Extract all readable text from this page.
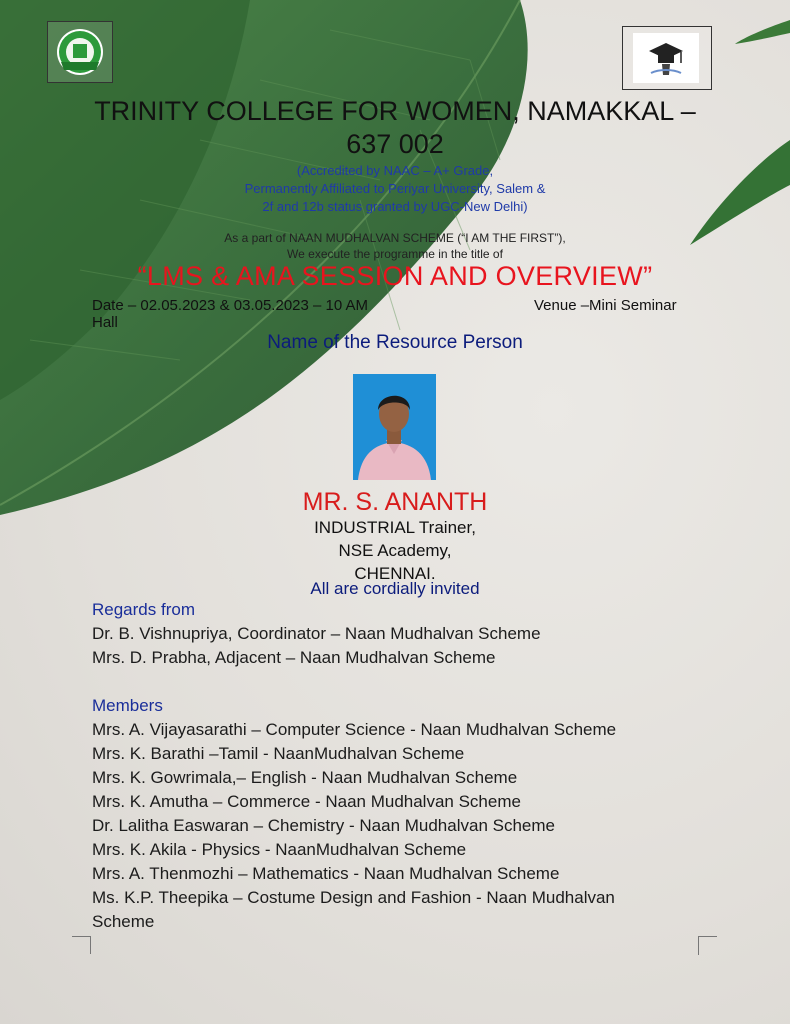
TRINITY COLLEGE FOR WOMEN, NAMAKKAL –
637 002
(Accredited by NAAC – A+ Grade,
Permanently Affiliated to Periyar University, Salem &
2f and 12b status granted by UGC-New Delhi)
As a part of NAAN MUDHALVAN SCHEME (“I AM THE FIRST”),
We execute the programme in the title of
“LMS & AMA SESSION AND OVERVIEW”
Date – 02.05.2023 & 03.05.2023 – 10 AM	Venue –Mini Seminar
Hall
Name of the Resource Person
MR. S. ANANTH
INDUSTRIAL Trainer,
NSE Academy,
CHENNAI.
All are cordially invited
Regards from
Dr. B. Vishnupriya, Coordinator – Naan Mudhalvan Scheme
Mrs. D. Prabha, Adjacent – Naan Mudhalvan Scheme
Members
Mrs. A. Vijayasarathi – Computer Science - Naan Mudhalvan Scheme
Mrs. K. Barathi –Tamil - NaanMudhalvan Scheme
Mrs. K. Gowrimala,– English - Naan Mudhalvan Scheme
Mrs. K. Amutha – Commerce - Naan Mudhalvan Scheme
Dr. Lalitha Easwaran – Chemistry - Naan Mudhalvan Scheme
Mrs. K. Akila - Physics - NaanMudhalvan Scheme
Mrs. A. Thenmozhi – Mathematics - Naan Mudhalvan Scheme
Ms. K.P. Theepika – Costume Design and Fashion - Naan Mudhalvan
Scheme
